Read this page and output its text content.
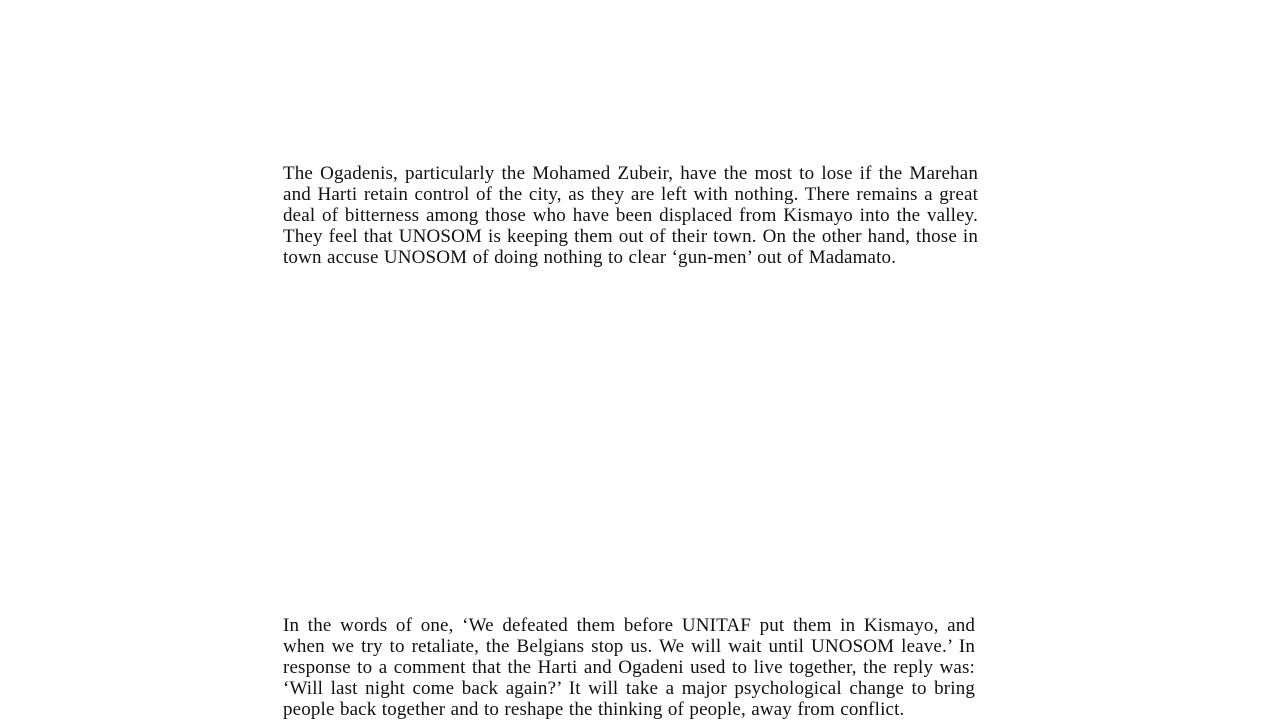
The Ogadenis, particularly the Mohamed Zubeir, have the most to lose if the Marehan and Harti retain control of the city, as they are left with nothing. There remains a great deal of bitterness among those who have been displaced from Kismayo into the valley. They feel that UNOSOM is keeping them out of their town. On the other hand, those in town accuse UNOSOM of doing nothing to clear ‘gun-men’ out of Madamato.

In the words of one, ‘We defeated them before UNITAF put them in Kismayo, and when we try to retaliate, the Belgians stop us. We will wait until UNOSOM leave.’ In response to a comment that the Harti and Ogadeni used to live together, the reply was: ‘Will last night come back again?’ It will take a major psychological change to bring people back together and to reshape the thinking of people, away from conflict.
